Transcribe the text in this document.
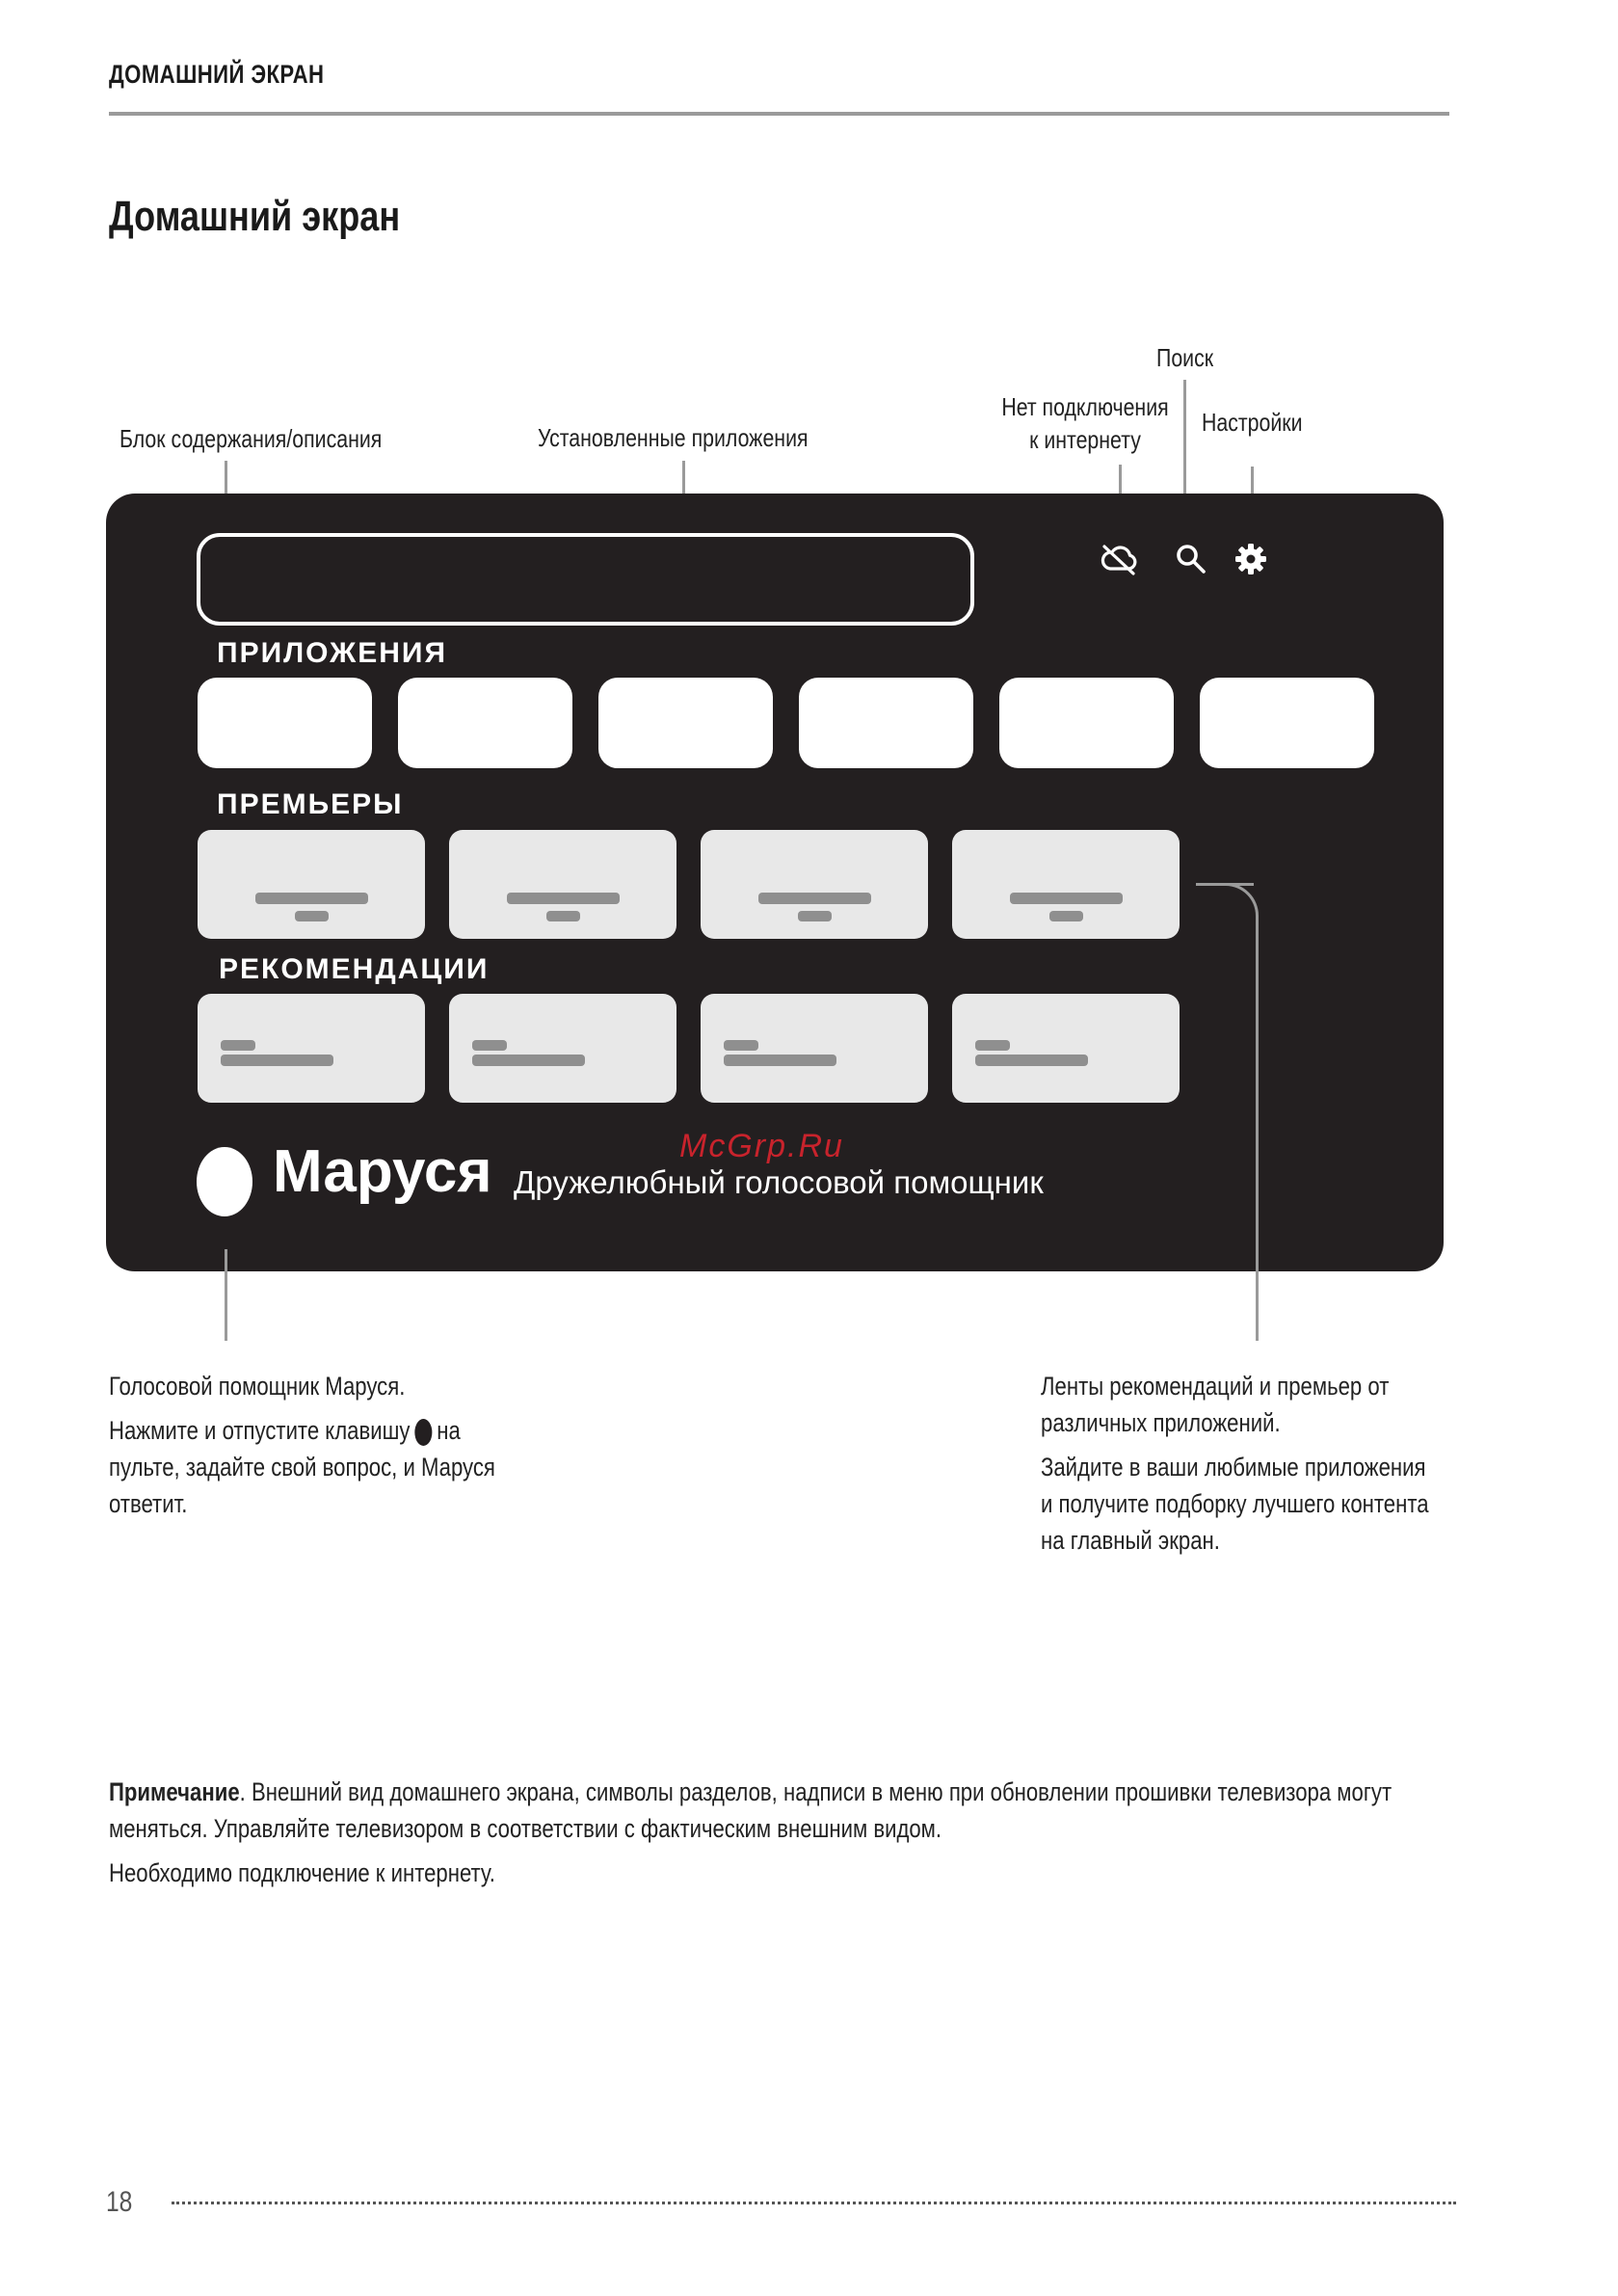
ДОМАШНИЙ ЭКРАН
Домашний экран
Блок содержания/описания	Установленные приложения
Нет подключения
к интернету
Поиск
Настройки
ПРИЛОЖЕНИЯ
ПРЕМЬЕРЫ
РЕКОМЕНДАЦИИ
Маруся Дружелюбный голосовой помощник
McGrp.Ru

Голосовой помощник Маруся.

Нажмите и отпустите клавишу на

пульте, задайте свой вопрос, и Маруся

ответит.

Ленты рекомендаций и премьер от

различных приложений.

Зайдите в ваши любимые приложения

и получите подборку лучшего контента

на главный экран.

Примечание. Внешний вид домашнего экрана, символы разделов, надписи в меню при обновлении прошивки телевизора могут

меняться. Управляйте телевизором в соответствии с фактическим внешним видом.

Необходимо подключение к интернету.

18
